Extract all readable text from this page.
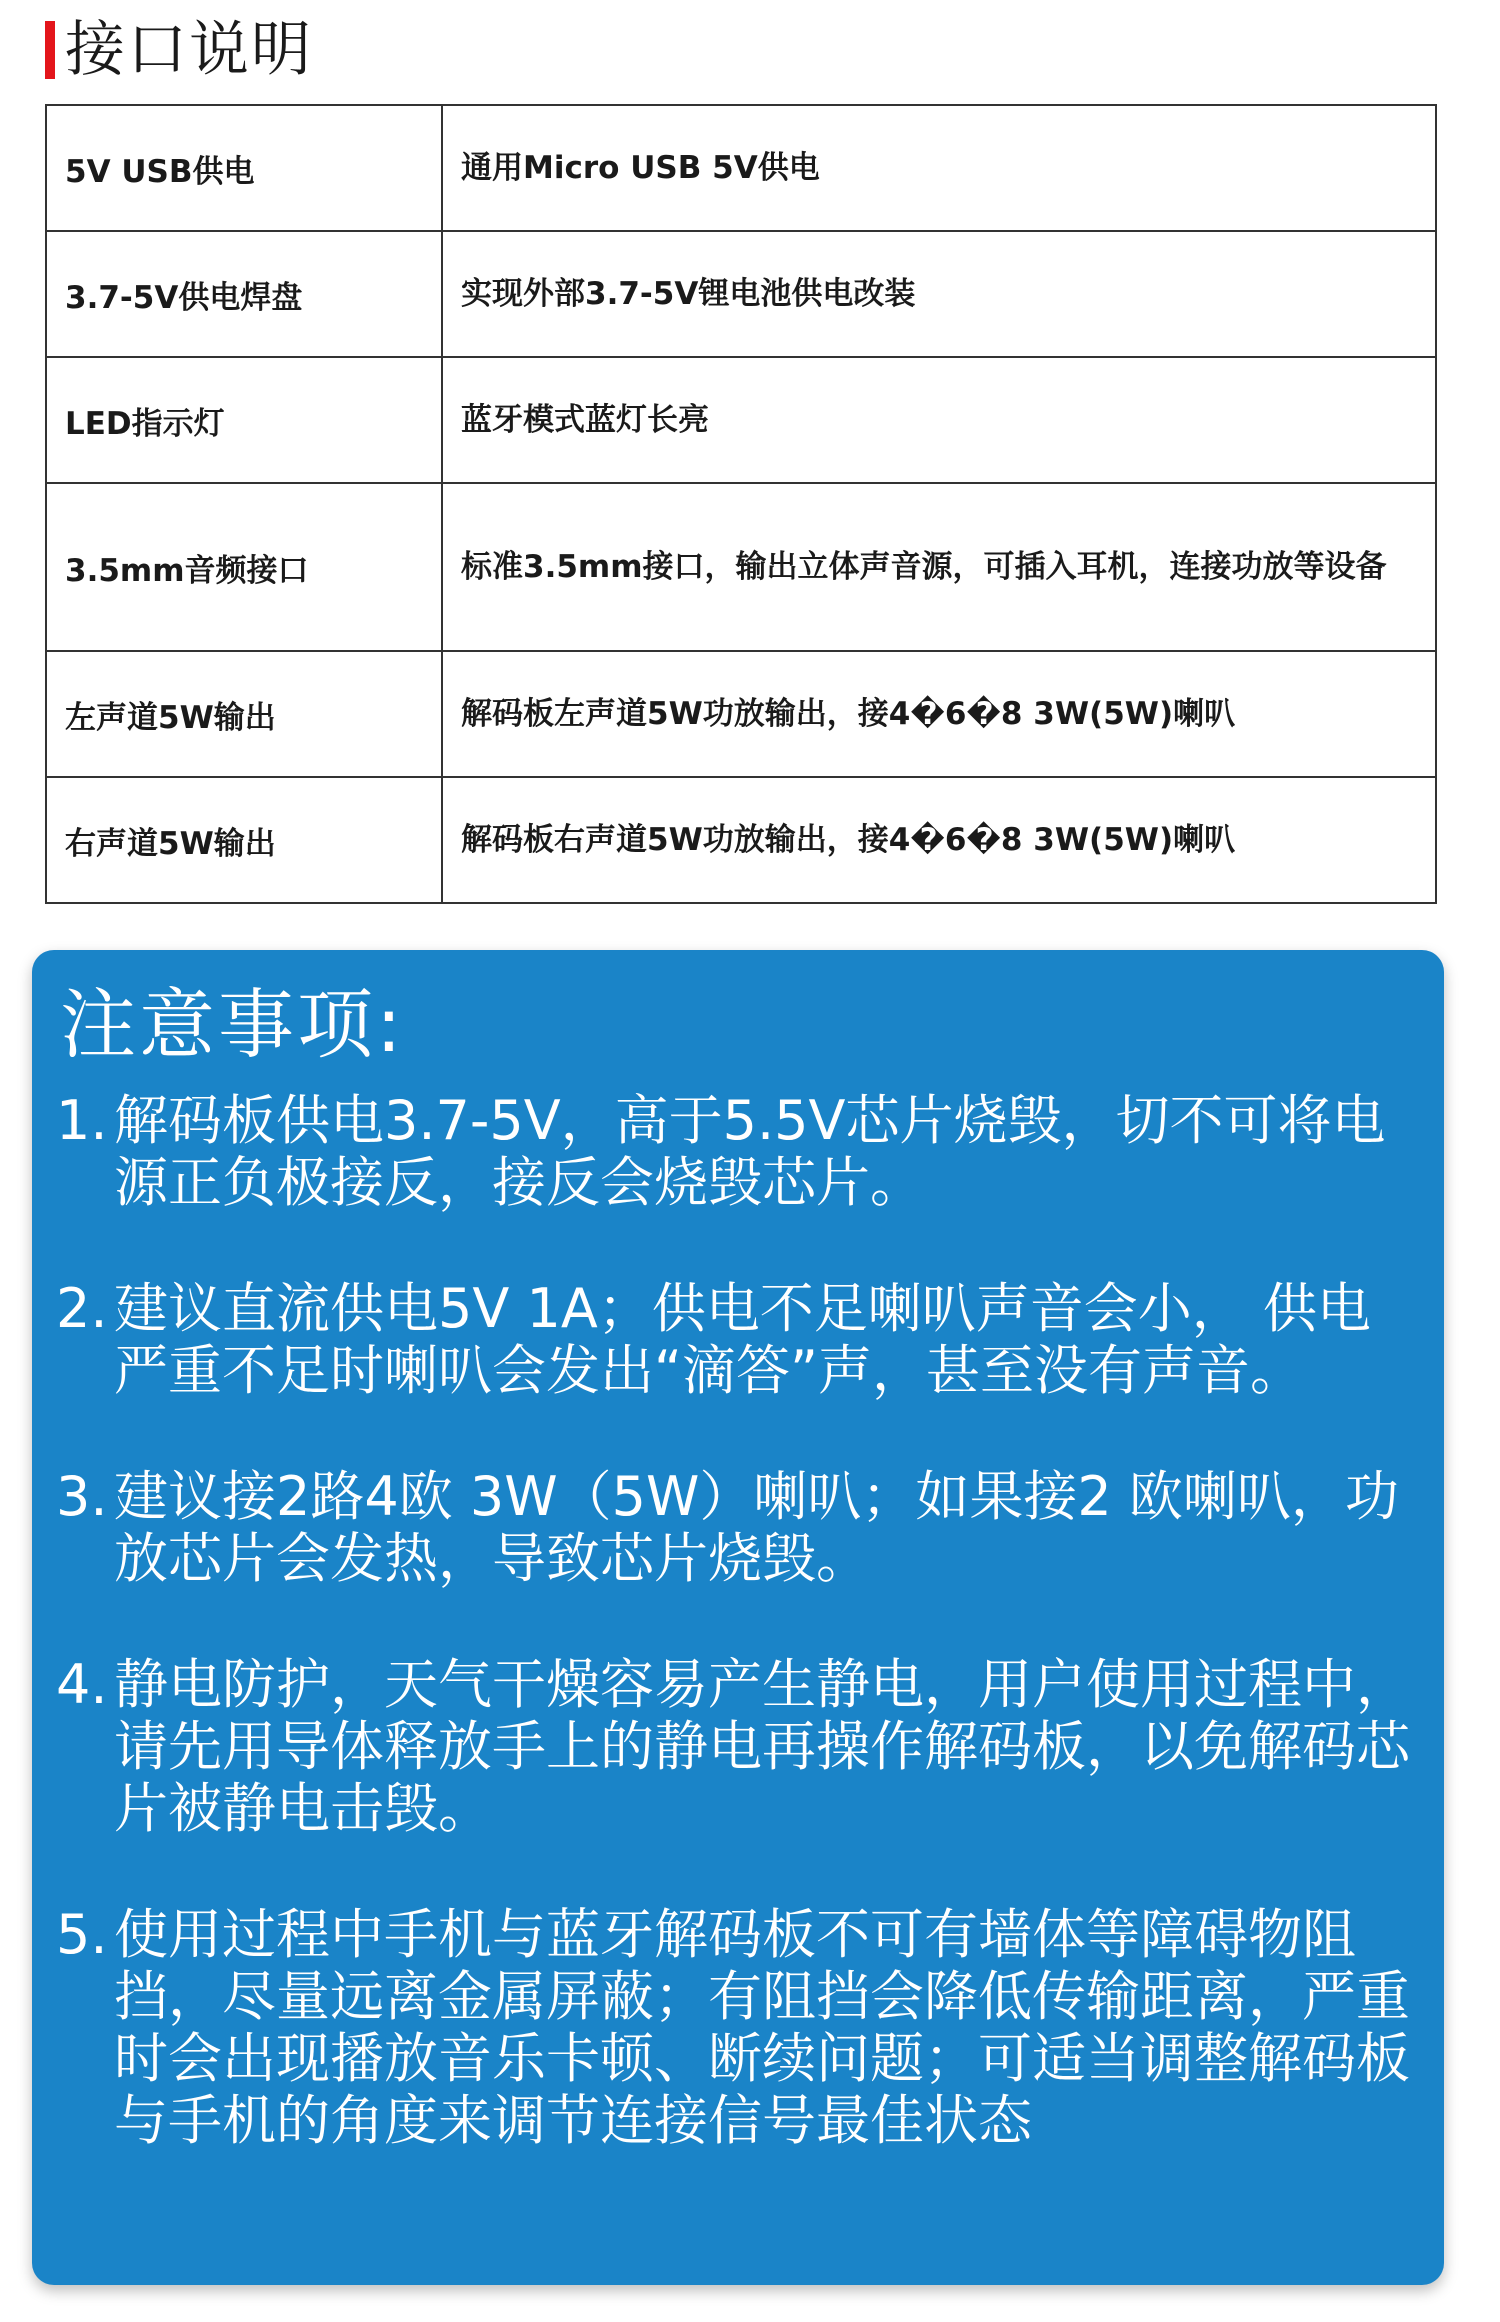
接口说明
5V USB供电	通用Micro USB 5V供电
3.7-5V供电焊盘	实现外部3.7-5V锂电池供电改装
LED指示灯	蓝牙模式蓝灯长亮
3.5mm音频接口	标准3.5mm接口，输出立体声音源，可插入耳机，连接功放等设备
左声道5W输出	解码板左声道5W功放输出，接4�6�8 3W(5W)喇叭
右声道5W输出	解码板右声道5W功放输出，接4�6�8 3W(5W)喇叭
注意事项:
1. 解码板供电3.7-5V，高于5.5V芯片烧毁，切不可将电源正负极接反，接反会烧毁芯片。
2. 建议直流供电5V 1A；供电不足喇叭声音会小， 供电严重不足时喇叭会发出“滴答”声，甚至没有声音。
3. 建议接2路4欧 3W（5W）喇叭；如果接2 欧喇叭，功放芯片会发热，导致芯片烧毁。
4. 静电防护，天气干燥容易产生静电，用户使用过程中，请先用导体释放手上的静电再操作解码板，以免解码芯片被静电击毁。
5. 使用过程中手机与蓝牙解码板不可有墙体等障碍物阻挡，尽量远离金属屏蔽；有阻挡会降低传输距离，严重时会出现播放音乐卡顿、断续问题；可适当调整解码板与手机的角度来调节连接信号最佳状态
